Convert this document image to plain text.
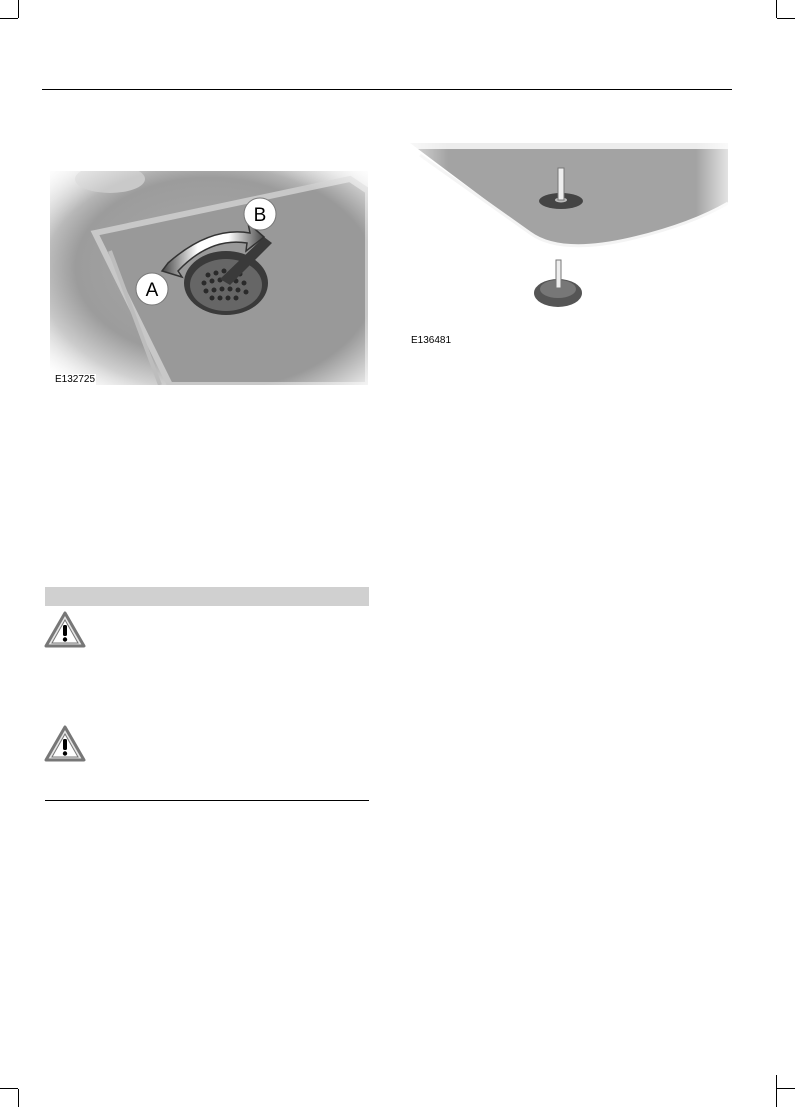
A
B
E132725
E136481
